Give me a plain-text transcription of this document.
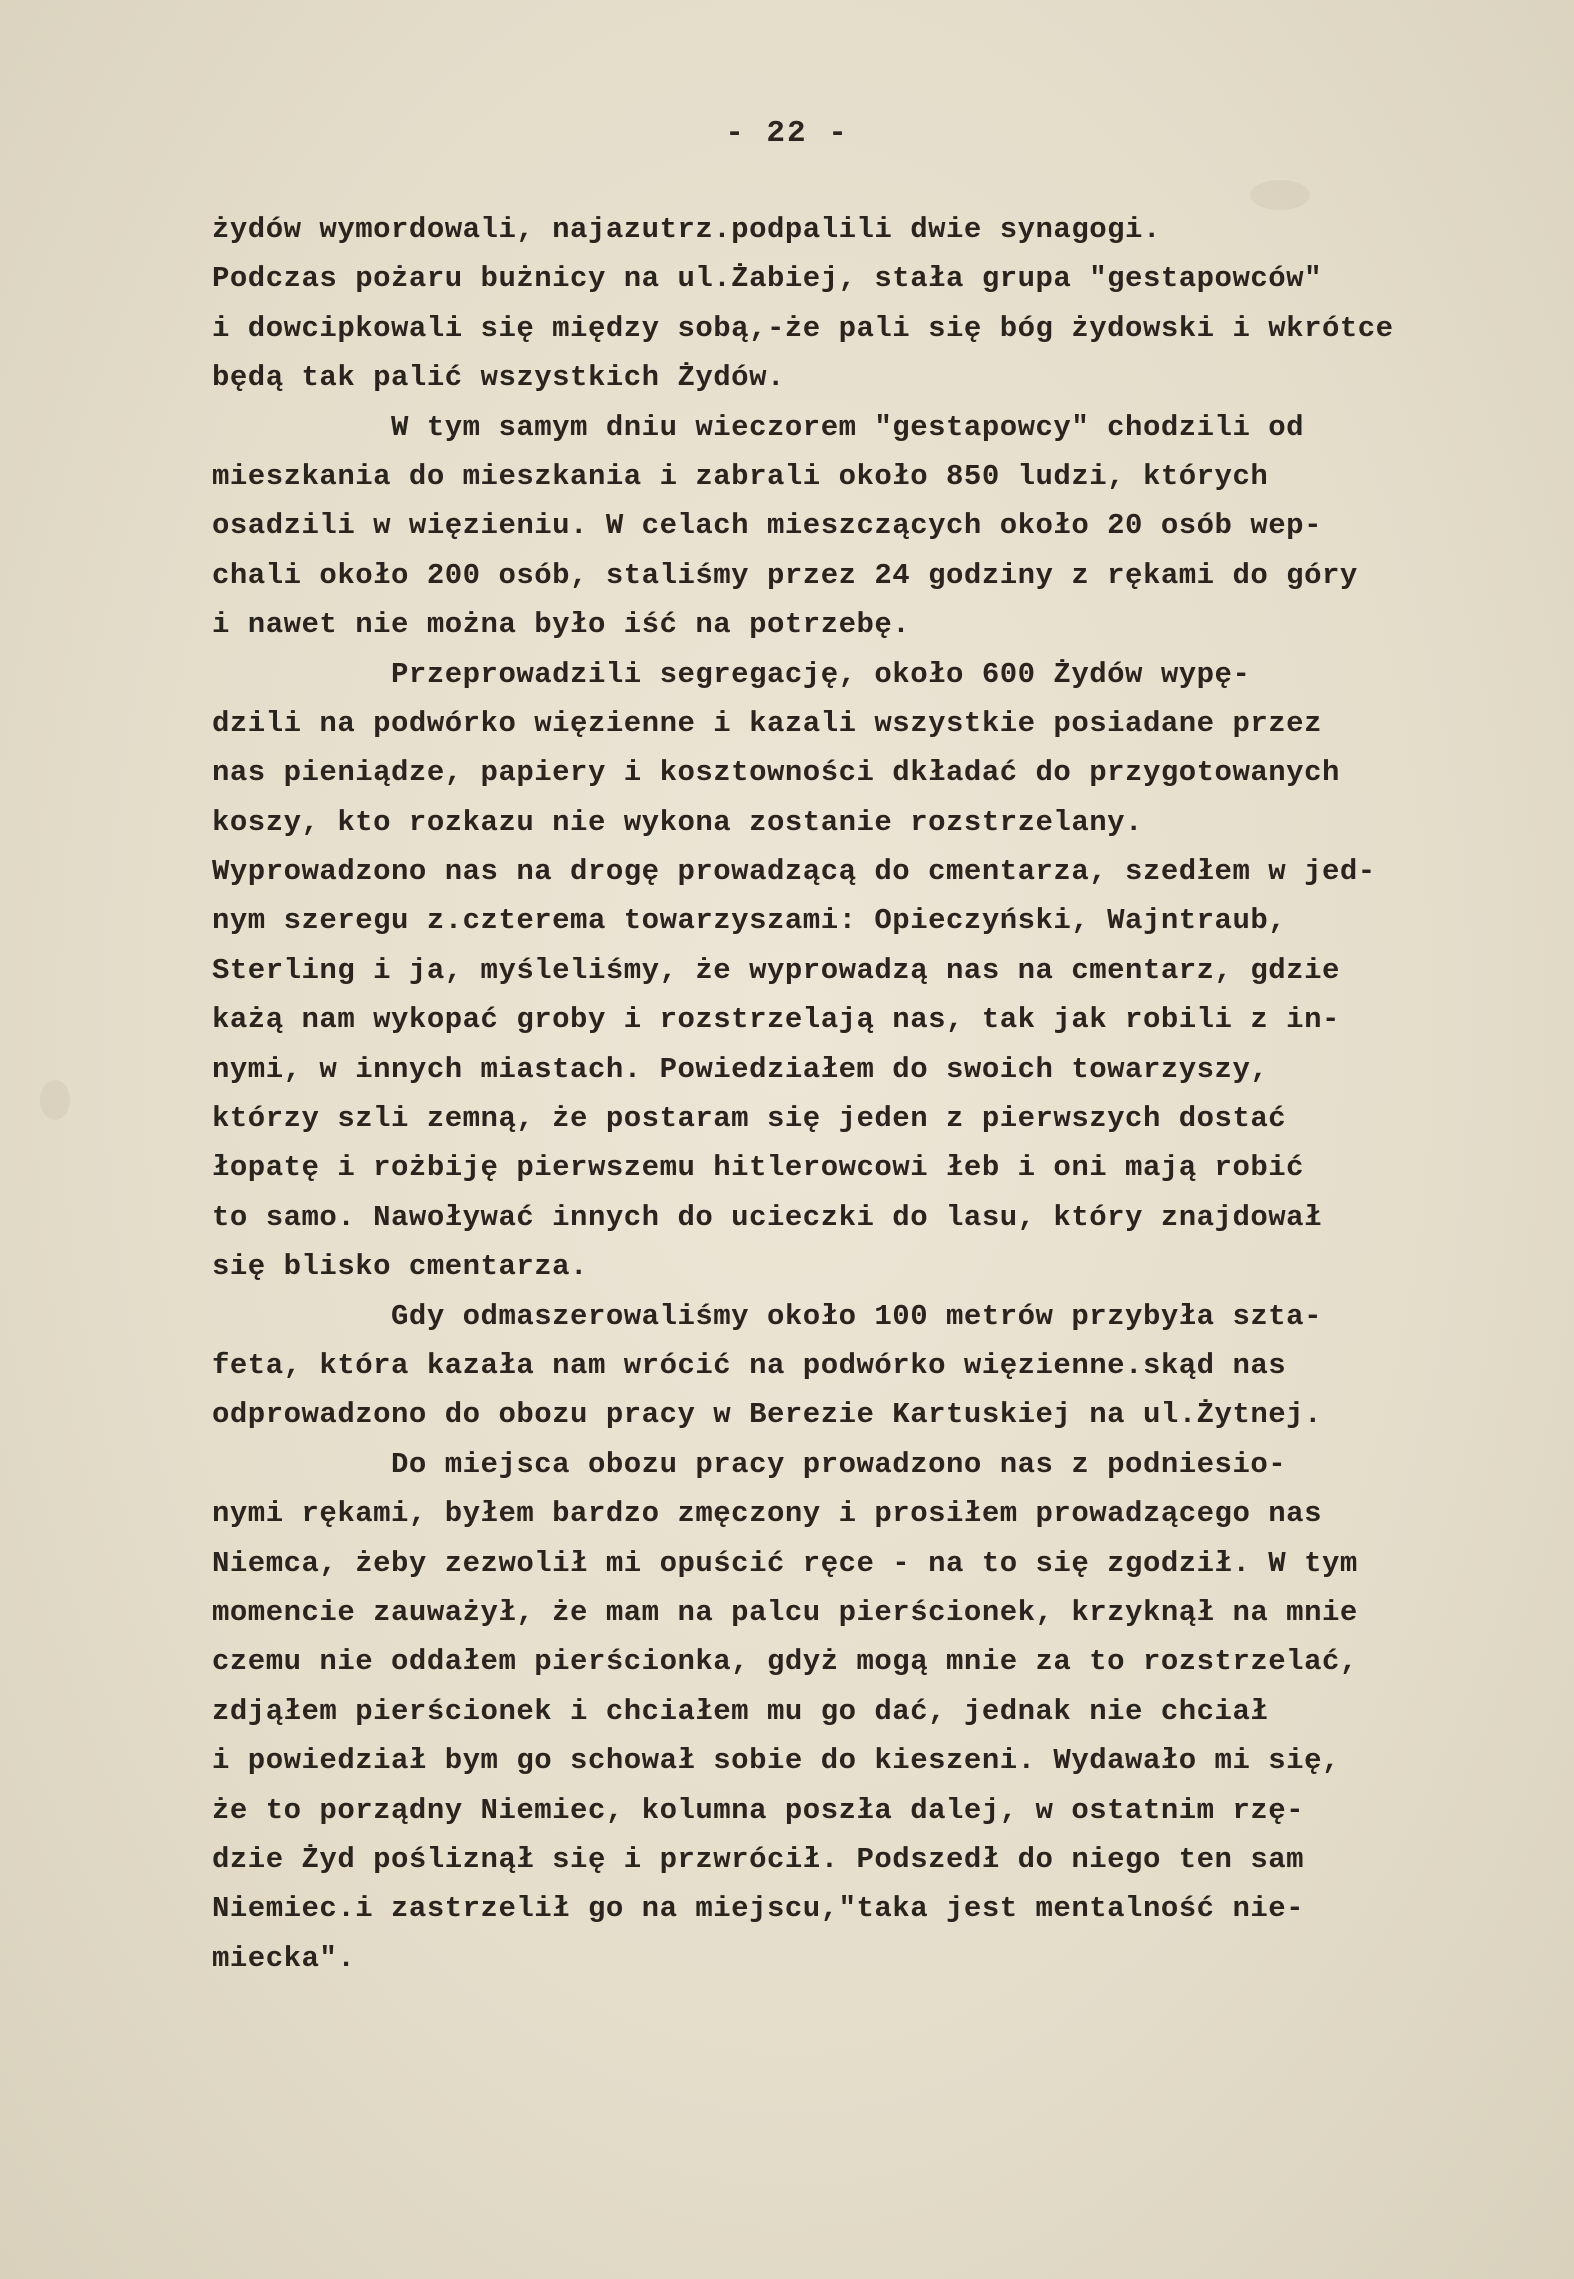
- 22 -
żydów wymordowali, najazutrz.podpalili dwie synagogi.
Podczas pożaru bużnicy na ul.Żabiej, stała grupa "gestapowców"
i dowcipkowali się między sobą,-że pali się bóg żydowski i wkrótce
będą tak palić wszystkich Żydów.
W tym samym dniu wieczorem "gestapowcy" chodzili od
mieszkania do mieszkania i zabrali około 850 ludzi, których
osadzili w więzieniu. W celach mieszczących około 20 osób wep-
chali około 200 osób, staliśmy przez 24 godziny z rękami do góry
i nawet nie można było iść na potrzebę.
Przeprowadzili segregację, około 600 Żydów wypę-
dzili na podwórko więzienne i kazali wszystkie posiadane przez
nas pieniądze, papiery i kosztowności dkładać do przygotowanych
koszy, kto rozkazu nie wykona zostanie rozstrzelany.
Wyprowadzono nas na drogę prowadzącą do cmentarza, szedłem w jed-
nym szeregu z.czterema towarzyszami: Opieczyński, Wajntraub,
Sterling i ja, myśleliśmy, że wyprowadzą nas na cmentarz, gdzie
każą nam wykopać groby i rozstrzelają nas, tak jak robili z in-
nymi, w innych miastach. Powiedziałem do swoich towarzyszy,
którzy szli zemną, że postaram się jeden z pierwszych dostać
łopatę i rożbiję pierwszemu hitlerowcowi łeb i oni mają robić
to samo. Nawoływać innych do ucieczki do lasu, który znajdował
się blisko cmentarza.
Gdy odmaszerowaliśmy około 100 metrów przybyła szta-
feta, która kazała nam wrócić na podwórko więzienne.skąd nas
odprowadzono do obozu pracy w Berezie Kartuskiej na ul.Żytnej.
Do miejsca obozu pracy prowadzono nas z podniesio-
nymi rękami, byłem bardzo zmęczony i prosiłem prowadzącego nas
Niemca, żeby zezwolił mi opuścić ręce - na to się zgodził. W tym
momencie zauważył, że mam na palcu pierścionek, krzyknął na mnie
czemu nie oddałem pierścionka, gdyż mogą mnie za to rozstrzelać,
zdjąłem pierścionek i chciałem mu go dać, jednak nie chciał
i powiedział bym go schował sobie do kieszeni. Wydawało mi się,
że to porządny Niemiec, kolumna poszła dalej, w ostatnim rzę-
dzie Żyd pośliznął się i przwrócił. Podszedł do niego ten sam
Niemiec.i zastrzelił go na miejscu,"taka jest mentalność nie-
miecka".
